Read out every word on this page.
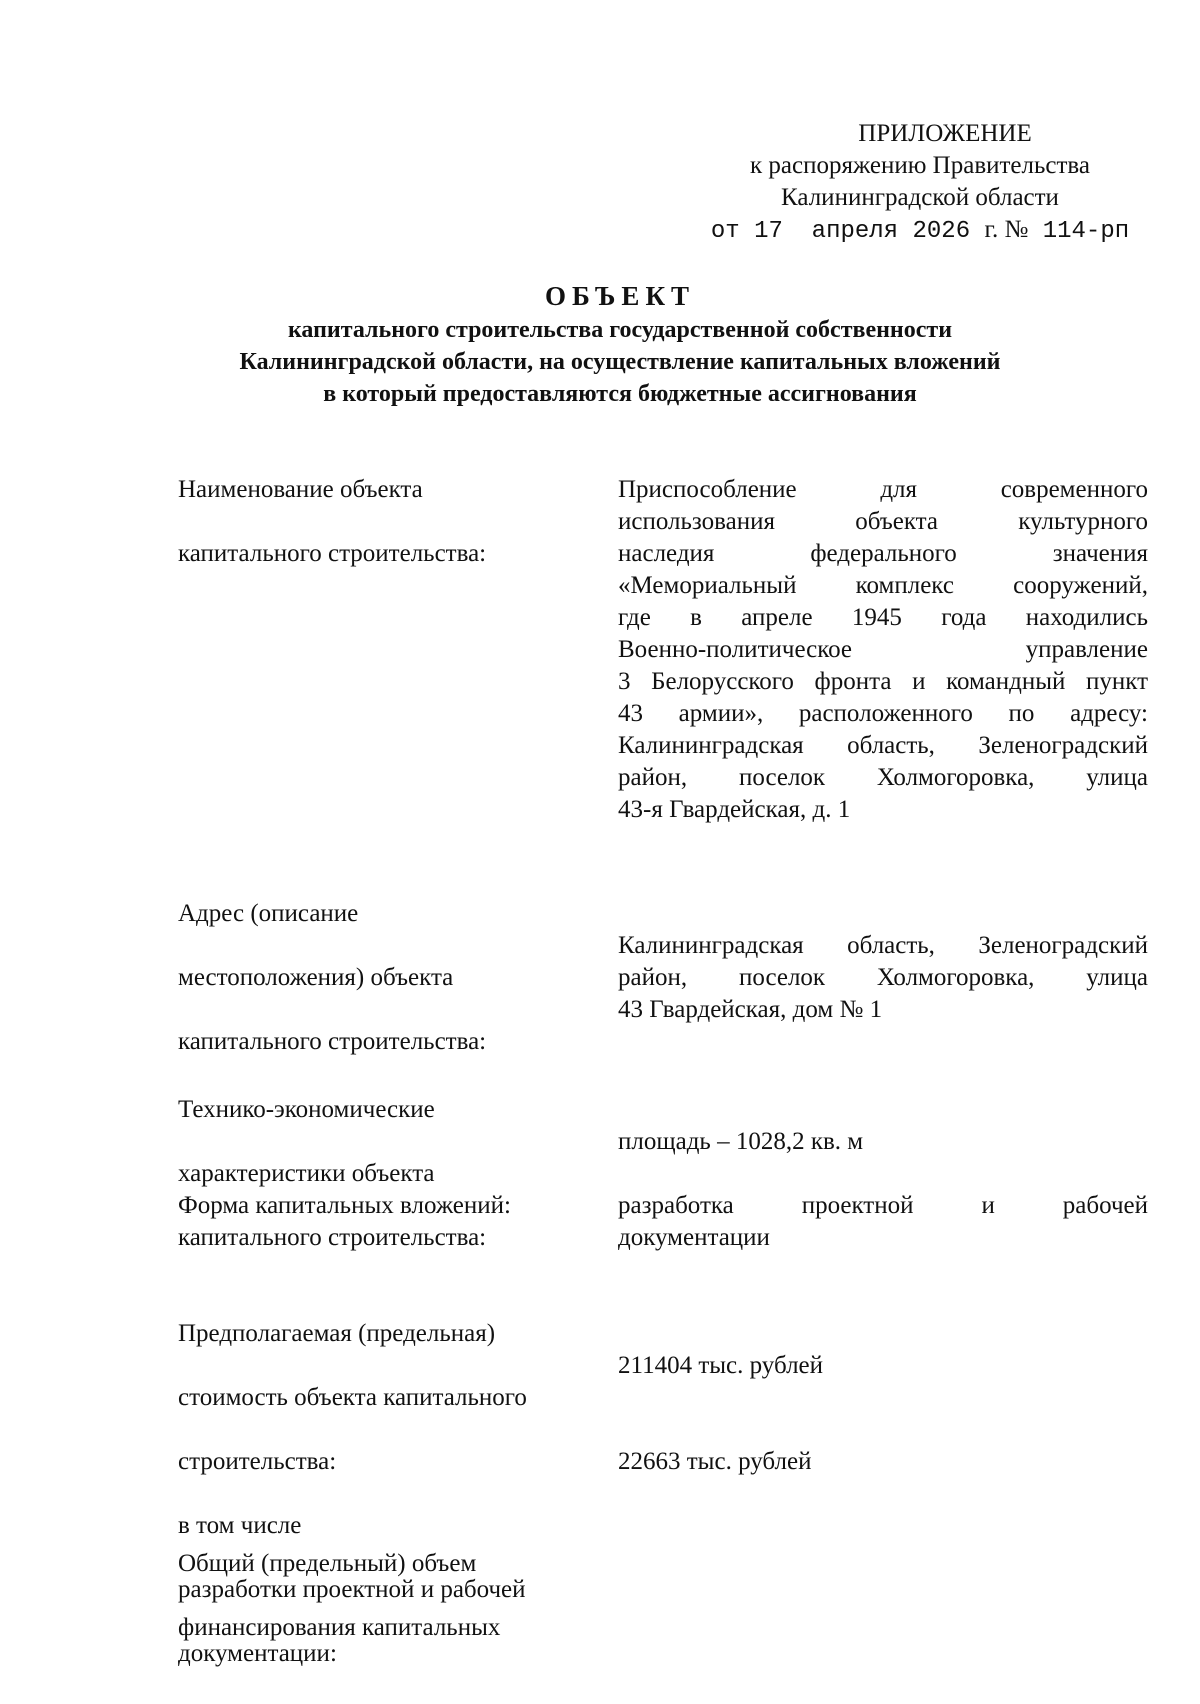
ПРИЛОЖЕНИЕ
к распоряжению Правительства
Калининградской области
от 17  апреля 2026 г. № 114-рп
ОБЪЕКТ
капитального строительства государственной собственности
Калининградской области, на осуществление капитальных вложений
в который предоставляются бюджетные ассигнования

Наименование объекта

капитального строительства:

Приспособление для современного
использования объекта культурного
наследия федерального значения
«Мемориальный комплекс сооружений,
где в апреле 1945 года находились
Военно-политическое управление
3 Белорусского фронта и командный пункт
43 армии», расположенного по адресу:
Калининградская область, Зеленоградский
район, поселок Холмогоровка, улица
43-я Гвардейская, д. 1

Адрес (описание

местоположения) объекта

капитального строительства:

Калининградская область, Зеленоградский
район, поселок Холмогоровка, улица
43 Гвардейская, дом № 1

Технико-экономические

характеристики объекта

капитального строительства:

площадь – 1028,2 кв. м
Форма капитальных вложений:	разработка проектной и рабочей
документации

Предполагаемая (предельная)

стоимость объекта капитального

строительства:

в том числе

разработки проектной и рабочей

документации:

211404 тыс. рублей
22663 тыс. рублей

Общий (предельный) объем

финансирования капитальных
